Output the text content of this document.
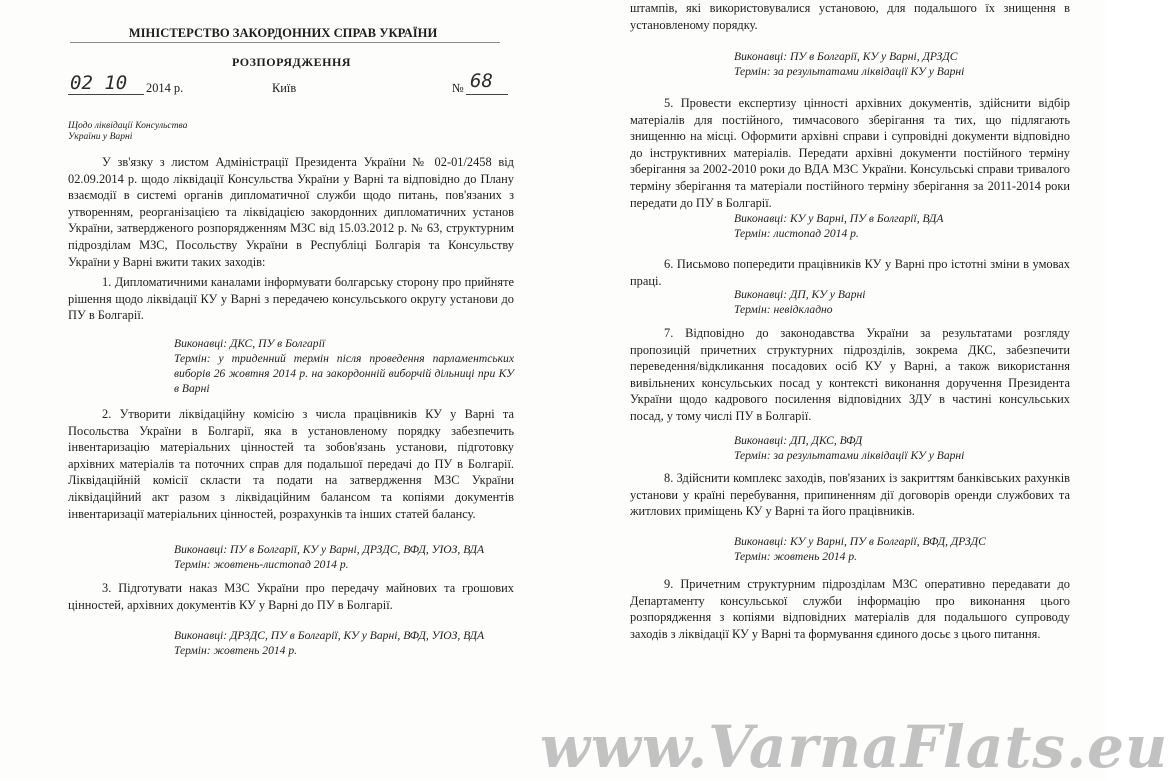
МІНІСТЕРСТВО ЗАКОРДОННИХ СПРАВ УКРАЇНИ
РОЗПОРЯДЖЕННЯ
02 10 2014 р.	Київ	№ 68
Щодо ліквідації Консульства
України у Варні
У зв'язку з листом Адміністрації Президента України № 02-01/2458 від 02.09.2014 р. щодо ліквідації Консульства України у Варні та відповідно до Плану взаємодії в системі органів дипломатичної служби щодо питань, пов'язаних з утворенням, реорганізацією та ліквідацією закордонних дипломатичних установ України, затвердженого розпорядженням МЗС від 15.03.2012 р. № 63, структурним підрозділам МЗС, Посольству України в Республіці Болгарія та Консульству України у Варні вжити таких заходів:
1. Дипломатичними каналами інформувати болгарську сторону про прийняте рішення щодо ліквідації КУ у Варні з передачею консульського округу установи до ПУ в Болгарії.
Виконавці: ДКС, ПУ в Болгарії
Термін: у триденний термін після проведення парламентських виборів 26 жовтня 2014 р. на закордонній виборчій дільниці при КУ в Варні
2. Утворити ліквідаційну комісію з числа працівників КУ у Варні та Посольства України в Болгарії, яка в установленому порядку забезпечить інвентаризацію матеріальних цінностей та зобов'язань установи, підготовку архівних матеріалів та поточних справ для подальшої передачі до ПУ в Болгарії. Ліквідаційній комісії скласти та подати на затвердження МЗС України ліквідаційний акт разом з ліквідаційним балансом та копіями документів інвентаризації матеріальних цінностей, розрахунків та інших статей балансу.
Виконавці: ПУ в Болгарії, КУ у Варні, ДРЗДС, ВФД, УІОЗ, ВДА
Термін: жовтень-листопад 2014 р.
3. Підготувати наказ МЗС України про передачу майнових та грошових цінностей, архівних документів КУ у Варні до ПУ в Болгарії.
Виконавці: ДРЗДС, ПУ в Болгарії, КУ у Варні, ВФД, УІОЗ, ВДА
Термін: жовтень 2014 р.
штампів, які використовувалися установою, для подальшого їх знищення в установленому порядку.
Виконавці: ПУ в Болгарії, КУ у Варні, ДРЗДС
Термін: за результатами ліквідації КУ у Варні
5. Провести експертизу цінності архівних документів, здійснити відбір матеріалів для постійного, тимчасового зберігання та тих, що підлягають знищенню на місці. Оформити архівні справи і супровідні документи відповідно до інструктивних матеріалів. Передати архівні документи постійного терміну зберігання за 2002-2010 роки до ВДА МЗС України. Консульські справи тривалого терміну зберігання та матеріали постійного терміну зберігання за 2011-2014 роки передати до ПУ в Болгарії.
Виконавці: КУ у Варні, ПУ в Болгарії, ВДА
Термін: листопад 2014 р.
6. Письмово попередити працівників КУ у Варні про істотні зміни в умовах праці.
Виконавці: ДП, КУ у Варні
Термін: невідкладно
7. Відповідно до законодавства України за результатами розгляду пропозицій причетних структурних підрозділів, зокрема ДКС, забезпечити переведення/відкликання посадових осіб КУ у Варні, а також використання вивільнених консульських посад у контексті виконання доручення Президента України щодо кадрового посилення відповідних ЗДУ в частині консульських посад, у тому числі ПУ в Болгарії.
Виконавці: ДП, ДКС, ВФД
Термін: за результатами ліквідації КУ у Варні
8. Здійснити комплекс заходів, пов'язаних із закриттям банківських рахунків установи у країні перебування, припиненням дії договорів оренди службових та житлових приміщень КУ у Варні та його працівників.
Виконавці: КУ у Варні, ПУ в Болгарії, ВФД, ДРЗДС
Термін: жовтень 2014 р.
9. Причетним структурним підрозділам МЗС оперативно передавати до Департаменту консульської служби інформацію про виконання цього розпорядження з копіями відповідних матеріалів для подальшого супроводу заходів з ліквідації КУ у Варні та формування єдиного досьє з цього питання.
www.VarnaFlats.eu
